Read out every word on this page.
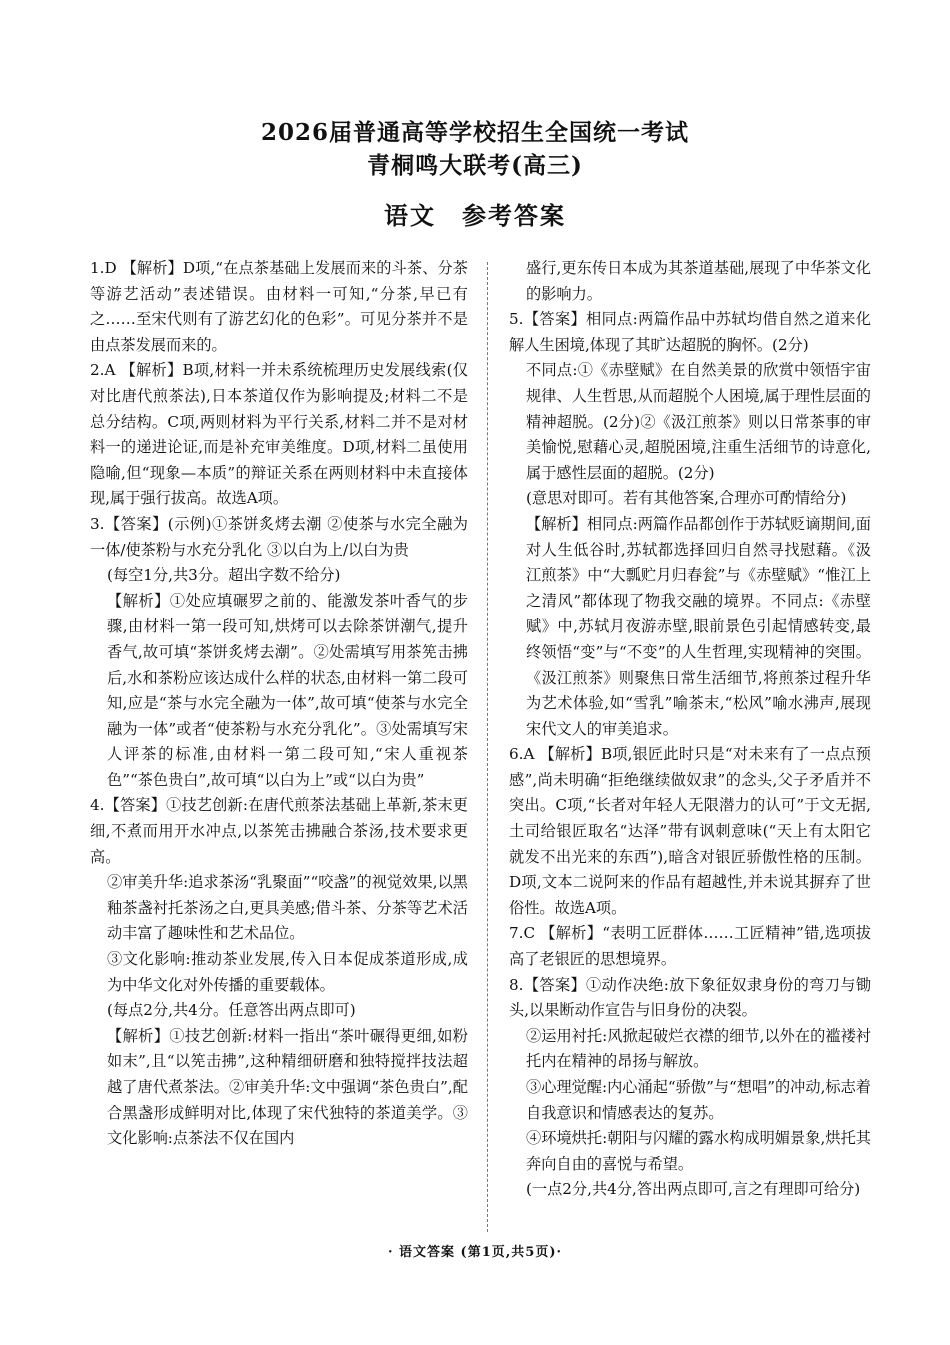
2026届普通高等学校招生全国统一考试
青桐鸣大联考(高三)
语文 参考答案

1.D 【解析】D项,“在点茶基础上发展而来的斗茶、分茶等游艺活动”表述错误。由材料一可知,“分茶,早已有之……至宋代则有了游艺幻化的色彩”。可见分茶并不是由点茶发展而来的。

2.A 【解析】B项,材料一并未系统梳理历史发展线索(仅对比唐代煎茶法),日本茶道仅作为影响提及;材料二不是总分结构。C项,两则材料为平行关系,材料二并不是对材料一的递进论证,而是补充审美维度。D项,材料二虽使用隐喻,但“现象—本质”的辩证关系在两则材料中未直接体现,属于强行拔高。故选A项。

3.【答案】(示例)①茶饼炙烤去潮 ②使茶与水完全融为一体/使茶粉与水充分乳化 ③以白为上/以白为贵

(每空1分,共3分。超出字数不给分)

【解析】①处应填碾罗之前的、能激发茶叶香气的步骤,由材料一第一段可知,烘烤可以去除茶饼潮气,提升香气,故可填“茶饼炙烤去潮”。②处需填写用茶筅击拂后,水和茶粉应该达成什么样的状态,由材料一第二段可知,应是“茶与水完全融为一体”,故可填“使茶与水完全融为一体”或者“使茶粉与水充分乳化”。③处需填写宋人评茶的标准,由材料一第二段可知,“宋人重视茶色”“茶色贵白”,故可填“以白为上”或“以白为贵”

4.【答案】①技艺创新:在唐代煎茶法基础上革新,茶末更细,不煮而用开水冲点,以茶筅击拂融合茶汤,技术要求更高。

②审美升华:追求茶汤“乳聚面”“咬盏”的视觉效果,以黑釉茶盏衬托茶汤之白,更具美感;借斗茶、分茶等艺术活动丰富了趣味性和艺术品位。

③文化影响:推动茶业发展,传入日本促成茶道形成,成为中华文化对外传播的重要载体。

(每点2分,共4分。任意答出两点即可)

【解析】①技艺创新:材料一指出“茶叶碾得更细,如粉如末”,且“以筅击拂”,这种精细研磨和独特搅拌技法超越了唐代煮茶法。②审美升华:文中强调“茶色贵白”,配合黑盏形成鲜明对比,体现了宋代独特的茶道美学。③文化影响:点茶法不仅在国内

盛行,更东传日本成为其茶道基础,展现了中华茶文化的影响力。

5.【答案】相同点:两篇作品中苏轼均借自然之道来化解人生困境,体现了其旷达超脱的胸怀。(2分)

不同点:①《赤壁赋》在自然美景的欣赏中领悟宇宙规律、人生哲思,从而超脱个人困境,属于理性层面的精神超脱。(2分)②《汲江煎茶》则以日常茶事的审美愉悦,慰藉心灵,超脱困境,注重生活细节的诗意化,属于感性层面的超脱。(2分)

(意思对即可。若有其他答案,合理亦可酌情给分)

【解析】相同点:两篇作品都创作于苏轼贬谪期间,面对人生低谷时,苏轼都选择回归自然寻找慰藉。《汲江煎茶》中“大瓢贮月归春瓮”与《赤壁赋》“惟江上之清风”都体现了物我交融的境界。不同点:《赤壁赋》中,苏轼月夜游赤壁,眼前景色引起情感转变,最终领悟“变”与“不变”的人生哲理,实现精神的突围。《汲江煎茶》则聚焦日常生活细节,将煎茶过程升华为艺术体验,如“雪乳”喻茶末,“松风”喻水沸声,展现宋代文人的审美追求。

6.A 【解析】B项,银匠此时只是“对未来有了一点点预感”,尚未明确“拒绝继续做奴隶”的念头,父子矛盾并不突出。C项,“长者对年轻人无限潜力的认可”于文无据,土司给银匠取名“达泽”带有讽刺意味(“天上有太阳它就发不出光来的东西”),暗含对银匠骄傲性格的压制。D项,文本二说阿来的作品有超越性,并未说其摒弃了世俗性。故选A项。

7.C 【解析】“表明工匠群体……工匠精神”错,选项拔高了老银匠的思想境界。

8.【答案】①动作决绝:放下象征奴隶身份的弯刀与锄头,以果断动作宣告与旧身份的决裂。

②运用衬托:风掀起破烂衣襟的细节,以外在的褴褛衬托内在精神的昂扬与解放。

③心理觉醒:内心涌起“骄傲”与“想唱”的冲动,标志着自我意识和情感表达的复苏。

④环境烘托:朝阳与闪耀的露水构成明媚景象,烘托其奔向自由的喜悦与希望。

(一点2分,共4分,答出两点即可,言之有理即可给分)

· 语文答案 (第1页,共5页)·
